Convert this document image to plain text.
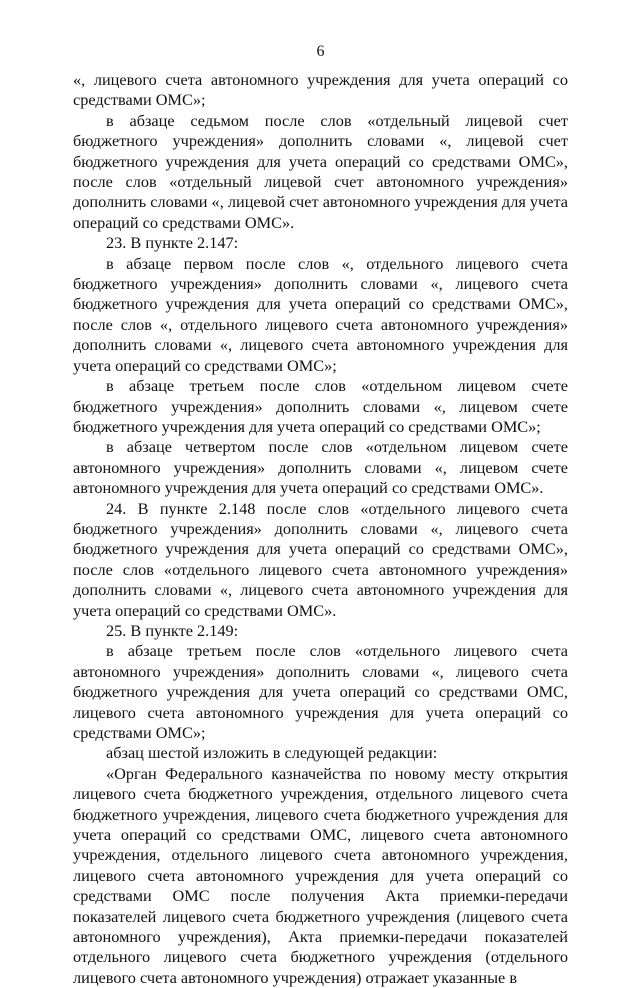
6

«, лицевого счета автономного учреждения для учета операций со средствами ОМС»;

в абзаце седьмом после слов «отдельный лицевой счет бюджетного учреждения» дополнить словами «, лицевой счет бюджетного учреждения для учета операций со средствами ОМС», после слов «отдельный лицевой счет автономного учреждения» дополнить словами «, лицевой счет автономного учреждения для учета операций со средствами ОМС».

23. В пункте 2.147:

в абзаце первом после слов «, отдельного лицевого счета бюджетного учреждения» дополнить словами «, лицевого счета бюджетного учреждения для учета операций со средствами ОМС», после слов «, отдельного лицевого счета автономного учреждения» дополнить словами «, лицевого счета автономного учреждения для учета операций со средствами ОМС»;

в абзаце третьем после слов «отдельном лицевом счете бюджетного учреждения» дополнить словами «, лицевом счете бюджетного учреждения для учета операций со средствами ОМС»;

в абзаце четвертом после слов «отдельном лицевом счете автономного учреждения» дополнить словами «, лицевом счете автономного учреждения для учета операций со средствами ОМС».

24. В пункте 2.148 после слов «отдельного лицевого счета бюджетного учреждения» дополнить словами «, лицевого счета бюджетного учреждения для учета операций со средствами ОМС», после слов «отдельного лицевого счета автономного учреждения» дополнить словами «, лицевого счета автономного учреждения для учета операций со средствами ОМС».

25. В пункте 2.149:

в абзаце третьем после слов «отдельного лицевого счета автономного учреждения» дополнить словами «, лицевого счета бюджетного учреждения для учета операций со средствами ОМС, лицевого счета автономного учреждения для учета операций со средствами ОМС»;

абзац шестой изложить в следующей редакции:

«Орган Федерального казначейства по новому месту открытия лицевого счета бюджетного учреждения, отдельного лицевого счета бюджетного учреждения, лицевого счета бюджетного учреждения для учета операций со средствами ОМС, лицевого счета автономного учреждения, отдельного лицевого счета автономного учреждения, лицевого счета автономного учреждения для учета операций со средствами ОМС после получения Акта приемки-передачи показателей лицевого счета бюджетного учреждения (лицевого счета автономного учреждения), Акта приемки-передачи показателей отдельного лицевого счета бюджетного учреждения (отдельного лицевого счета автономного учреждения) отражает указанные в
